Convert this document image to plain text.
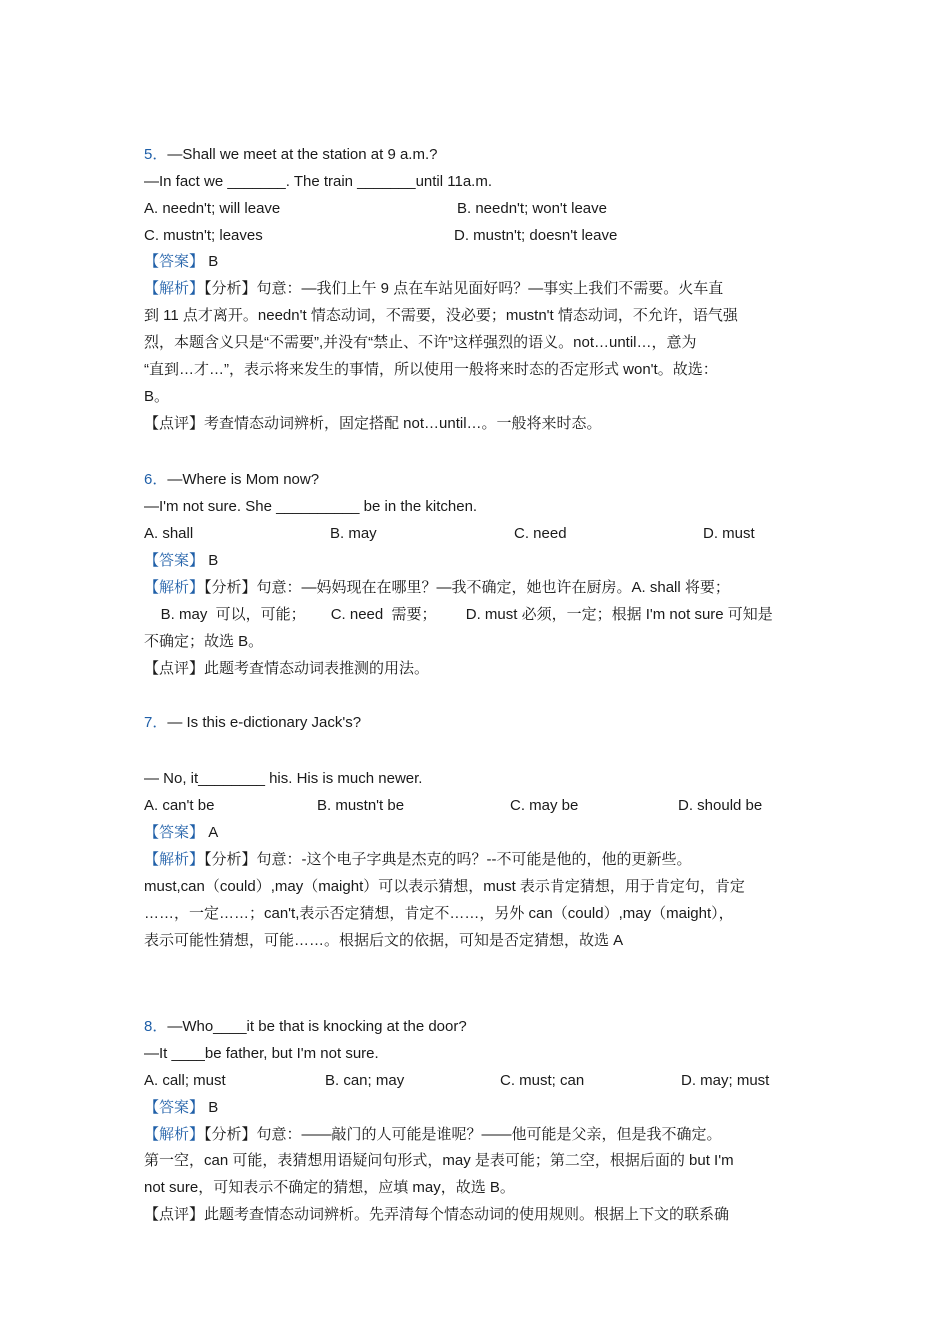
5．—Shall we meet at the station at 9 a.m.?
—In fact we _______. The train _______until 11a.m.
A. needn't; will leave	B. needn't; won't leave
C. mustn't; leaves	D. mustn't; doesn't leave
【答案】 B
【解析】【分析】句意：—我们上午 9 点在车站见面好吗？—事实上我们不需要。火车直
到 11 点才离开。needn't 情态动词，不需要，没必要；mustn't 情态动词，不允许，语气强
烈，本题含义只是“不需要”,并没有“禁止、不许”这样强烈的语义。not…until…，意为
“直到…才…”，表示将来发生的事情，所以使用一般将来时态的否定形式 won't。故选：
B。
【点评】考查情态动词辨析，固定搭配 not…until…。一般将来时态。
6．—Where is Mom now?
—I'm not sure. She __________ be in the kitchen.
A. shall	B. may	C. need	D. must
【答案】 B
【解析】【分析】句意：—妈妈现在在哪里？—我不确定，她也许在厨房。A. shall 将要；
B. may  可以，可能；      C. need  需要；       D. must 必须，一定；根据 I'm not sure 可知是
不确定；故选 B。
【点评】此题考查情态动词表推测的用法。
7．— Is this e-dictionary Jack's?
— No, it________ his. His is much newer.
A. can't be	B. mustn't be	C. may be	D. should be
【答案】 A
【解析】【分析】句意：-这个电子字典是杰克的吗？--不可能是他的，他的更新些。
must,can（could）,may（maight）可以表示猜想，must 表示肯定猜想，用于肯定句，肯定
……，一定……；can't,表示否定猜想，肯定不……，另外 can（could）,may（maight），
表示可能性猜想，可能……。根据后文的依据，可知是否定猜想，故选 A
8．—Who____it be that is knocking at the door?
—It ____be father, but I'm not sure.
A. call; must	B. can; may	C. must; can	D. may; must
【答案】 B
【解析】【分析】句意：——敲门的人可能是谁呢？——他可能是父亲，但是我不确定。
第一空，can 可能，表猜想用语疑问句形式，may 是表可能；第二空，根据后面的 but I'm
not sure，可知表示不确定的猜想，应填 may，故选 B。
【点评】此题考查情态动词辨析。先弄清每个情态动词的使用规则。根据上下文的联系确
